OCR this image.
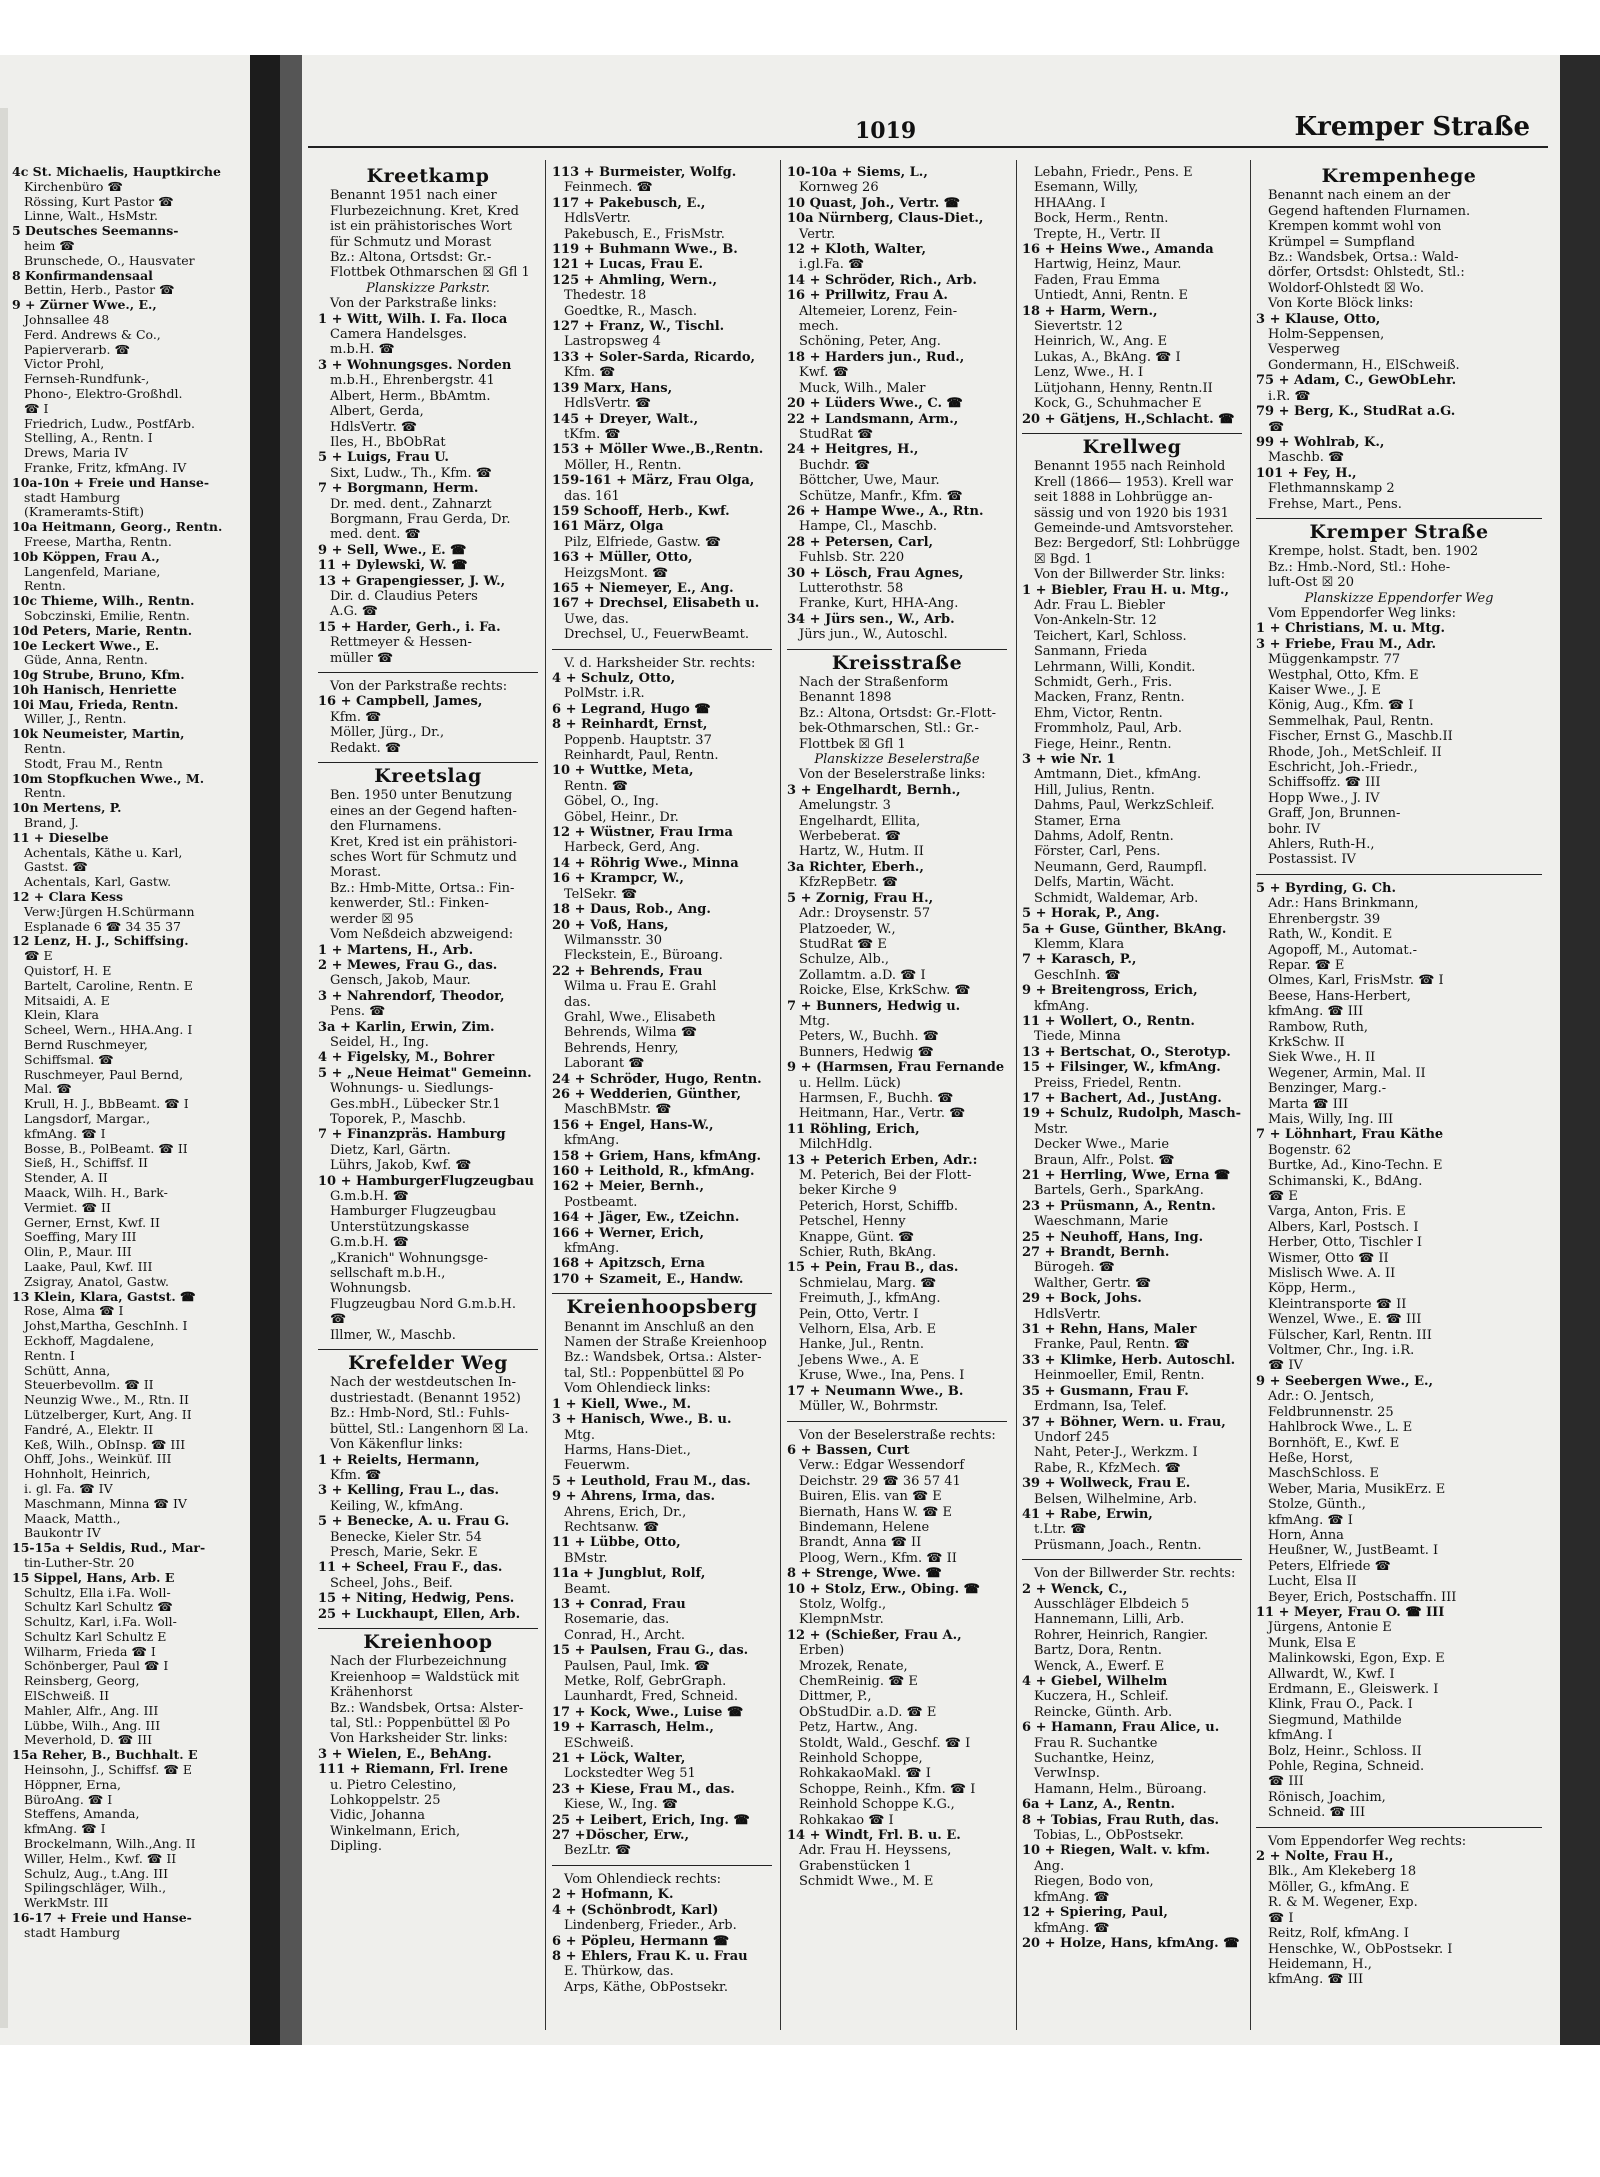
1019	Kremper Straße
4c St. Michaelis, Hauptkirche
Kirchenbüro ☎
Rössing, Kurt Pastor ☎
Linne, Walt., HsMstr.
5 Deutsches Seemanns-
heim ☎
Brunschede, O., Hausvater
8 Konfirmandensaal
Bettin, Herb., Pastor ☎
9 + Zürner Wwe., E.,
Johnsallee 48
Ferd. Andrews & Co.,
Papierverarb. ☎
Victor Prohl,
Fernseh-Rundfunk-,
Phono-, Elektro-Großhdl.
☎ I
Friedrich, Ludw., PostfArb.
Stelling, A., Rentn. I
Drews, Maria IV
Franke, Fritz, kfmAng. IV
10a-10n + Freie und Hanse-
stadt Hamburg
(Krameramts-Stift)
10a Heitmann, Georg., Rentn.
Freese, Martha, Rentn.
10b Köppen, Frau A.,
Langenfeld, Mariane,
Rentn.
10c Thieme, Wilh., Rentn.
Sobczinski, Emilie, Rentn.
10d Peters, Marie, Rentn.
10e Leckert Wwe., E.
Güde, Anna, Rentn.
10g Strube, Bruno, Kfm.
10h Hanisch, Henriette
10i Mau, Frieda, Rentn.
Willer, J., Rentn.
10k Neumeister, Martin,
Rentn.
Stodt, Frau M., Rentn
10m Stopfkuchen Wwe., M.
Rentn.
10n Mertens, P.
Brand, J.
11 + Dieselbe
Achentals, Käthe u. Karl,
Gastst. ☎
Achentals, Karl, Gastw.
12 + Clara Kess
Verw:Jürgen H.Schürmann
Esplanade 6 ☎ 34 35 37
12 Lenz, H. J., Schiffsing.
☎ E
Quistorf, H. E
Bartelt, Caroline, Rentn. E
Mitsaidi, A. E
Klein, Klara
Scheel, Wern., HHA.Ang. I
Bernd Ruschmeyer,
Schiffsmal. ☎
Ruschmeyer, Paul Bernd,
Mal. ☎
Krull, H. J., BbBeamt. ☎ I
Langsdorf, Margar.,
kfmAng. ☎ I
Bosse, B., PolBeamt. ☎ II
Sieß, H., Schiffsf. II
Stender, A. II
Maack, Wilh. H., Bark-
Vermiet. ☎ II
Gerner, Ernst, Kwf. II
Soeffing, Mary III
Olin, P., Maur. III
Laake, Paul, Kwf. III
Zsigray, Anatol, Gastw.
13 Klein, Klara, Gastst. ☎
Rose, Alma ☎ I
Johst,Martha, GeschInh. I
Eckhoff, Magdalene,
Rentn. I
Schütt, Anna,
Steuerbevollm. ☎ II
Neunzig Wwe., M., Rtn. II
Lützelberger, Kurt, Ang. II
Fandré, A., Elektr. II
Keß, Wilh., ObInsp. ☎ III
Ohff, Johs., Weinküf. III
Hohnholt, Heinrich,
i. gl. Fa. ☎ IV
Maschmann, Minna ☎ IV
Maack, Matth.,
Baukontr IV
15-15a + Seldis, Rud., Mar-
tin-Luther-Str. 20
15 Sippel, Hans, Arb. E
Schultz, Ella i.Fa. Woll-
Schultz Karl Schultz ☎
Schultz, Karl, i.Fa. Woll-
Schultz Karl Schultz E
Wilharm, Frieda ☎ I
Schönberger, Paul ☎ I
Reinsberg, Georg,
ElSchweiß. II
Mahler, Alfr., Ang. III
Lübbe, Wilh., Ang. III
Meverhold, D. ☎ III
15a Reher, B., Buchhalt. E
Heinsohn, J., Schiffsf. ☎ E
Höppner, Erna,
BüroAng. ☎ I
Steffens, Amanda,
kfmAng. ☎ I
Brockelmann, Wilh.,Ang. II
Willer, Helm., Kwf. ☎ II
Schulz, Aug., t.Ang. III
Spilingschläger, Wilh.,
WerkMstr. III
16-17 + Freie und Hanse-
stadt Hamburg
Kreetkamp
Benannt 1951 nach einer
Flurbezeichnung. Kret, Kred
ist ein prähistorisches Wort
für Schmutz und Morast
Bz.: Altona, Ortsdst: Gr.-
Flottbek Othmarschen ☒ Gfl 1
Planskizze Parkstr.
Von der Parkstraße links:
1 + Witt, Wilh. I. Fa. Iloca
Camera Handelsges.
m.b.H. ☎
3 + Wohnungsges. Norden
m.b.H., Ehrenbergstr. 41
Albert, Herm., BbAmtm.
Albert, Gerda,
HdlsVertr. ☎
Iles, H., BbObRat
5 + Luigs, Frau U.
Sixt, Ludw., Th., Kfm. ☎
7 + Borgmann, Herm.
Dr. med. dent., Zahnarzt
Borgmann, Frau Gerda, Dr.
med. dent. ☎
9 + Sell, Wwe., E. ☎
11 + Dylewski, W. ☎
13 + Grapengiesser, J. W.,
Dir. d. Claudius Peters
A.G. ☎
15 + Harder, Gerh., i. Fa.
Rettmeyer & Hessen-
müller ☎
Von der Parkstraße rechts:
16 + Campbell, James,
Kfm. ☎
Möller, Jürg., Dr.,
Redakt. ☎
Kreetslag
Ben. 1950 unter Benutzung
eines an der Gegend haften-
den Flurnamens.
Kret, Kred ist ein prähistori-
sches Wort für Schmutz und
Morast.
Bz.: Hmb-Mitte, Ortsa.: Fin-
kenwerder, Stl.: Finken-
werder ☒ 95
Vom Neßdeich abzweigend:
1 + Martens, H., Arb.
2 + Mewes, Frau G., das.
Gensch, Jakob, Maur.
3 + Nahrendorf, Theodor,
Pens. ☎
3a + Karlin, Erwin, Zim.
Seidel, H., Ing.
4 + Figelsky, M., Bohrer
5 + „Neue Heimat" Gemeinn.
Wohnungs- u. Siedlungs-
Ges.mbH., Lübecker Str.1
Toporek, P., Maschb.
7 + Finanzpräs. Hamburg
Dietz, Karl, Gärtn.
Lührs, Jakob, Kwf. ☎
10 + HamburgerFlugzeugbau
G.m.b.H. ☎
Hamburger Flugzeugbau
Unterstützungskasse
G.m.b.H. ☎
„Kranich" Wohnungsge-
sellschaft m.b.H.,
Wohnungsb.
Flugzeugbau Nord G.m.b.H.
☎
Illmer, W., Maschb.
Krefelder Weg
Nach der westdeutschen In-
dustriestadt. (Benannt 1952)
Bz.: Hmb-Nord, Stl.: Fuhls-
büttel, Stl.: Langenhorn ☒ La.
Von Käkenflur links:
1 + Reielts, Hermann,
Kfm. ☎
3 + Kelling, Frau L., das.
Keiling, W., kfmAng.
5 + Benecke, A. u. Frau G.
Benecke, Kieler Str. 54
Presch, Marie, Sekr. E
11 + Scheel, Frau F., das.
Scheel, Johs., Beif.
15 + Niting, Hedwig, Pens.
25 + Luckhaupt, Ellen, Arb.
Kreienhoop
Nach der Flurbezeichnung
Kreienhoop = Waldstück mit
Krähenhorst
Bz.: Wandsbek, Ortsa: Alster-
tal, Stl.: Poppenbüttel ☒ Po
Von Harksheider Str. links:
3 + Wielen, E., BehAng.
111 + Riemann, Frl. Irene
u. Pietro Celestino,
Lohkoppelstr. 25
Vidic, Johanna
Winkelmann, Erich,
Dipling.
113 + Burmeister, Wolfg.
Feinmech. ☎
117 + Pakebusch, E.,
HdlsVertr.
Pakebusch, E., FrisMstr.
119 + Buhmann Wwe., B.
121 + Lucas, Frau E.
125 + Ahmling, Wern.,
Thedestr. 18
Goedtke, R., Masch.
127 + Franz, W., Tischl.
Lastropsweg 4
133 + Soler-Sarda, Ricardo,
Kfm. ☎
139 Marx, Hans,
HdlsVertr. ☎
145 + Dreyer, Walt.,
tKfm. ☎
153 + Möller Wwe.,B.,Rentn.
Möller, H., Rentn.
159-161 + März, Frau Olga,
das. 161
159 Schooff, Herb., Kwf.
161 März, Olga
Pilz, Elfriede, Gastw. ☎
163 + Müller, Otto,
HeizgsMont. ☎
165 + Niemeyer, E., Ang.
167 + Drechsel, Elisabeth u.
Uwe, das.
Drechsel, U., FeuerwBeamt.
V. d. Harksheider Str. rechts:
4 + Schulz, Otto,
PolMstr. i.R.
6 + Legrand, Hugo ☎
8 + Reinhardt, Ernst,
Poppenb. Hauptstr. 37
Reinhardt, Paul, Rentn.
10 + Wuttke, Meta,
Rentn. ☎
Göbel, O., Ing.
Göbel, Heinr., Dr.
12 + Wüstner, Frau Irma
Harbeck, Gerd, Ang.
14 + Röhrig Wwe., Minna
16 + Krampcr, W.,
TelSekr. ☎
18 + Daus, Rob., Ang.
20 + Voß, Hans,
Wilmansstr. 30
Fleckstein, E., Büroang.
22 + Behrends, Frau
Wilma u. Frau E. Grahl
das.
Grahl, Wwe., Elisabeth
Behrends, Wilma ☎
Behrends, Henry,
Laborant ☎
24 + Schröder, Hugo, Rentn.
26 + Wedderien, Günther,
MaschBMstr. ☎
156 + Engel, Hans-W.,
kfmAng.
158 + Griem, Hans, kfmAng.
160 + Leithold, R., kfmAng.
162 + Meier, Bernh.,
Postbeamt.
164 + Jäger, Ew., tZeichn.
166 + Werner, Erich,
kfmAng.
168 + Apitzsch, Erna
170 + Szameit, E., Handw.
Kreienhoopsberg
Benannt im Anschluß an den
Namen der Straße Kreienhoop
Bz.: Wandsbek, Ortsa.: Alster-
tal, Stl.: Poppenbüttel ☒ Po
Vom Ohlendieck links:
1 + Kiell, Wwe., M.
3 + Hanisch, Wwe., B. u.
Mtg.
Harms, Hans-Diet.,
Feuerwm.
5 + Leuthold, Frau M., das.
9 + Ahrens, Irma, das.
Ahrens, Erich, Dr.,
Rechtsanw. ☎
11 + Lübbe, Otto,
BMstr.
11a + Jungblut, Rolf,
Beamt.
13 + Conrad, Frau
Rosemarie, das.
Conrad, H., Archt.
15 + Paulsen, Frau G., das.
Paulsen, Paul, Imk. ☎
Metke, Rolf, GebrGraph.
Launhardt, Fred, Schneid.
17 + Kock, Wwe., Luise ☎
19 + Karrasch, Helm.,
ESchweiß.
21 + Löck, Walter,
Lockstedter Weg 51
23 + Kiese, Frau M., das.
Kiese, W., Ing. ☎
25 + Leibert, Erich, Ing. ☎
27 +Döscher, Erw.,
BezLtr. ☎
Vom Ohlendieck rechts:
2 + Hofmann, K.
4 + (Schönbrodt, Karl)
Lindenberg, Frieder., Arb.
6 + Pöpleu, Hermann ☎
8 + Ehlers, Frau K. u. Frau
E. Thürkow, das.
Arps, Käthe, ObPostsekr.
10-10a + Siems, L.,
Kornweg 26
10 Quast, Joh., Vertr. ☎
10a Nürnberg, Claus-Diet.,
Vertr.
12 + Kloth, Walter,
i.gl.Fa. ☎
14 + Schröder, Rich., Arb.
16 + Prillwitz, Frau A.
Altemeier, Lorenz, Fein-
mech.
Schöning, Peter, Ang.
18 + Harders jun., Rud.,
Kwf. ☎
Muck, Wilh., Maler
20 + Lüders Wwe., C. ☎
22 + Landsmann, Arm.,
StudRat ☎
24 + Heitgres, H.,
Buchdr. ☎
Böttcher, Uwe, Maur.
Schütze, Manfr., Kfm. ☎
26 + Hampe Wwe., A., Rtn.
Hampe, Cl., Maschb.
28 + Petersen, Carl,
Fuhlsb. Str. 220
30 + Lösch, Frau Agnes,
Lutterothstr. 58
Franke, Kurt, HHA-Ang.
34 + Jürs sen., W., Arb.
Jürs jun., W., Autoschl.
Kreisstraße
Nach der Straßenform
Benannt 1898
Bz.: Altona, Ortsdst: Gr.-Flott-
bek-Othmarschen, Stl.: Gr.-
Flottbek ☒ Gfl 1
Planskizze Beselerstraße
Von der Beselerstraße links:
3 + Engelhardt, Bernh.,
Amelungstr. 3
Engelhardt, Ellita,
Werbeberat. ☎
Hartz, W., Hutm. II
3a Richter, Eberh.,
KfzRepBetr. ☎
5 + Zornig, Frau H.,
Adr.: Droysenstr. 57
Platzoeder, W.,
StudRat ☎ E
Schulze, Alb.,
Zollamtm. a.D. ☎ I
Roicke, Else, KrkSchw. ☎
7 + Bunners, Hedwig u.
Mtg.
Peters, W., Buchh. ☎
Bunners, Hedwig ☎
9 + (Harmsen, Frau Fernande
u. Hellm. Lück)
Harmsen, F., Buchh. ☎
Heitmann, Har., Vertr. ☎
11 Röhling, Erich,
MilchHdlg.
13 + Peterich Erben, Adr.:
M. Peterich, Bei der Flott-
beker Kirche 9
Peterich, Horst, Schiffb.
Petschel, Henny
Knappe, Günt. ☎
Schier, Ruth, BkAng.
15 + Pein, Frau B., das.
Schmielau, Marg. ☎
Freimuth, J., kfmAng.
Pein, Otto, Vertr. I
Velhorn, Elsa, Arb. E
Hanke, Jul., Rentn.
Jebens Wwe., A. E
Kruse, Wwe., Ina, Pens. I
17 + Neumann Wwe., B.
Müller, W., Bohrmstr.
Von der Beselerstraße rechts:
6 + Bassen, Curt
Verw.: Edgar Wessendorf
Deichstr. 29 ☎ 36 57 41
Buiren, Elis. van ☎ E
Biernath, Hans W. ☎ E
Bindemann, Helene
Brandt, Anna ☎ II
Ploog, Wern., Kfm. ☎ II
8 + Strenge, Wwe. ☎
10 + Stolz, Erw., Obing. ☎
Stolz, Wolfg.,
KlempnMstr.
12 + (Schießer, Frau A.,
Erben)
Mrozek, Renate,
ChemReinig. ☎ E
Dittmer, P.,
ObStudDir. a.D. ☎ E
Petz, Hartw., Ang.
Stoldt, Wald., Geschf. ☎ I
Reinhold Schoppe,
RohkakaoMakl. ☎ I
Schoppe, Reinh., Kfm. ☎ I
Reinhold Schoppe K.G.,
Rohkakao ☎ I
14 + Windt, Frl. B. u. E.
Adr. Frau H. Heyssens,
Grabenstücken 1
Schmidt Wwe., M. E
Lebahn, Friedr., Pens. E
Esemann, Willy,
HHAAng. I
Bock, Herm., Rentn.
Trepte, H., Vertr. II
16 + Heins Wwe., Amanda
Hartwig, Heinz, Maur.
Faden, Frau Emma
Untiedt, Anni, Rentn. E
18 + Harm, Wern.,
Sievertstr. 12
Heinrich, W., Ang. E
Lukas, A., BkAng. ☎ I
Lenz, Wwe., H. I
Lütjohann, Henny, Rentn.II
Kock, G., Schuhmacher E
20 + Gätjens, H.,Schlacht. ☎
Krellweg
Benannt 1955 nach Reinhold
Krell (1866— 1953). Krell war
seit 1888 in Lohbrügge an-
sässig und von 1920 bis 1931
Gemeinde-und Amtsvorsteher.
Bez: Bergedorf, Stl: Lohbrügge
☒ Bgd. 1
Von der Billwerder Str. links:
1 + Biebler, Frau H. u. Mtg.,
Adr. Frau L. Biebler
Von-Ankeln-Str. 12
Teichert, Karl, Schloss.
Sanmann, Frieda
Lehrmann, Willi, Kondit.
Schmidt, Gerh., Fris.
Macken, Franz, Rentn.
Ehm, Victor, Rentn.
Frommholz, Paul, Arb.
Fiege, Heinr., Rentn.
3 + wie Nr. 1
Amtmann, Diet., kfmAng.
Hill, Julius, Rentn.
Dahms, Paul, WerkzSchleif.
Stamer, Erna
Dahms, Adolf, Rentn.
Förster, Carl, Pens.
Neumann, Gerd, Raumpfl.
Delfs, Martin, Wächt.
Schmidt, Waldemar, Arb.
5 + Horak, P., Ang.
5a + Guse, Günther, BkAng.
Klemm, Klara
7 + Karasch, P.,
GeschInh. ☎
9 + Breitengross, Erich,
kfmAng.
11 + Wollert, O., Rentn.
Tiede, Minna
13 + Bertschat, O., Sterotyp.
15 + Filsinger, W., kfmAng.
Preiss, Friedel, Rentn.
17 + Bachert, Ad., JustAng.
19 + Schulz, Rudolph, Masch-
Mstr.
Decker Wwe., Marie
Braun, Alfr., Polst. ☎
21 + Herrling, Wwe, Erna ☎
Bartels, Gerh., SparkAng.
23 + Prüsmann, A., Rentn.
Waeschmann, Marie
25 + Neuhoff, Hans, Ing.
27 + Brandt, Bernh.
Bürogeh. ☎
Walther, Gertr. ☎
29 + Bock, Johs.
HdlsVertr.
31 + Rehn, Hans, Maler
Franke, Paul, Rentn. ☎
33 + Klimke, Herb. Autoschl.
Heinmoeller, Emil, Rentn.
35 + Gusmann, Frau F.
Erdmann, Isa, Telef.
37 + Böhner, Wern. u. Frau,
Undorf 245
Naht, Peter-J., Werkzm. I
Rabe, R., KfzMech. ☎
39 + Wollweck, Frau E.
Belsen, Wilhelmine, Arb.
41 + Rabe, Erwin,
t.Ltr. ☎
Prüsmann, Joach., Rentn.
Von der Billwerder Str. rechts:
2 + Wenck, C.,
Ausschläger Elbdeich 5
Hannemann, Lilli, Arb.
Rohrer, Heinrich, Rangier.
Bartz, Dora, Rentn.
Wenck, A., Ewerf. E
4 + Giebel, Wilhelm
Kuczera, H., Schleif.
Reincke, Günth. Arb.
6 + Hamann, Frau Alice, u.
Frau R. Suchantke
Suchantke, Heinz,
VerwInsp.
Hamann, Helm., Büroang.
6a + Lanz, A., Rentn.
8 + Tobias, Frau Ruth, das.
Tobias, L., ObPostsekr.
10 + Riegen, Walt. v. kfm.
Ang.
Riegen, Bodo von,
kfmAng. ☎
12 + Spiering, Paul,
kfmAng. ☎
20 + Holze, Hans, kfmAng. ☎
Krempenhege
Benannt nach einem an der
Gegend haftenden Flurnamen.
Krempen kommt wohl von
Krümpel = Sumpfland
Bz.: Wandsbek, Ortsa.: Wald-
dörfer, Ortsdst: Ohlstedt, Stl.:
Woldorf-Ohlstedt ☒ Wo.
Von Korte Blöck links:
3 + Klause, Otto,
Holm-Seppensen,
Vesperweg
Gondermann, H., ElSchweiß.
75 + Adam, C., GewObLehr.
i.R. ☎
79 + Berg, K., StudRat a.G.
☎
99 + Wohlrab, K.,
Maschb. ☎
101 + Fey, H.,
Flethmannskamp 2
Frehse, Mart., Pens.
Kremper Straße
Krempe, holst. Stadt, ben. 1902
Bz.: Hmb.-Nord, Stl.: Hohe-
luft-Ost ☒ 20
Planskizze Eppendorfer Weg
Vom Eppendorfer Weg links:
1 + Christians, M. u. Mtg.
3 + Friebe, Frau M., Adr.
Müggenkampstr. 77
Westphal, Otto, Kfm. E
Kaiser Wwe., J. E
König, Aug., Kfm. ☎ I
Semmelhak, Paul, Rentn.
Fischer, Ernst G., Maschb.II
Rhode, Joh., MetSchleif. II
Eschricht, Joh.-Friedr.,
Schiffsoffz. ☎ III
Hopp Wwe., J. IV
Graff, Jon, Brunnen-
bohr. IV
Ahlers, Ruth-H.,
Postassist. IV
5 + Byrding, G. Ch.
Adr.: Hans Brinkmann,
Ehrenbergstr. 39
Rath, W., Kondit. E
Agopoff, M., Automat.-
Repar. ☎ E
Olmes, Karl, FrisMstr. ☎ I
Beese, Hans-Herbert,
kfmAng. ☎ III
Rambow, Ruth,
KrkSchw. II
Siek Wwe., H. II
Wegener, Armin, Mal. II
Benzinger, Marg.-
Marta ☎ III
Mais, Willy, Ing. III
7 + Löhnhart, Frau Käthe
Bogenstr. 62
Burtke, Ad., Kino-Techn. E
Schimanski, K., BdAng.
☎ E
Varga, Anton, Fris. E
Albers, Karl, Postsch. I
Herber, Otto, Tischler I
Wismer, Otto ☎ II
Mislisch Wwe. A. II
Köpp, Herm.,
Kleintransporte ☎ II
Wenzel, Wwe., E. ☎ III
Fülscher, Karl, Rentn. III
Voltmer, Chr., Ing. i.R.
☎ IV
9 + Seebergen Wwe., E.,
Adr.: O. Jentsch,
Feldbrunnenstr. 25
Hahlbrock Wwe., L. E
Bornhöft, E., Kwf. E
Heße, Horst,
MaschSchloss. E
Weber, Maria, MusikErz. E
Stolze, Günth.,
kfmAng. ☎ I
Horn, Anna
Heußner, W., JustBeamt. I
Peters, Elfriede ☎
Lucht, Elsa II
Beyer, Erich, Postschaffn. III
11 + Meyer, Frau O. ☎ III
Jürgens, Antonie E
Munk, Elsa E
Malinkowski, Egon, Exp. E
Allwardt, W., Kwf. I
Erdmann, E., Gleiswerk. I
Klink, Frau O., Pack. I
Siegmund, Mathilde
kfmAng. I
Bolz, Heinr., Schloss. II
Pohle, Regina, Schneid.
☎ III
Rönisch, Joachim,
Schneid. ☎ III
Vom Eppendorfer Weg rechts:
2 + Nolte, Frau H.,
Blk., Am Klekeberg 18
Möller, G., kfmAng. E
R. & M. Wegener, Exp.
☎ I
Reitz, Rolf, kfmAng. I
Henschke, W., ObPostsekr. I
Heidemann, H.,
kfmAng. ☎ III
